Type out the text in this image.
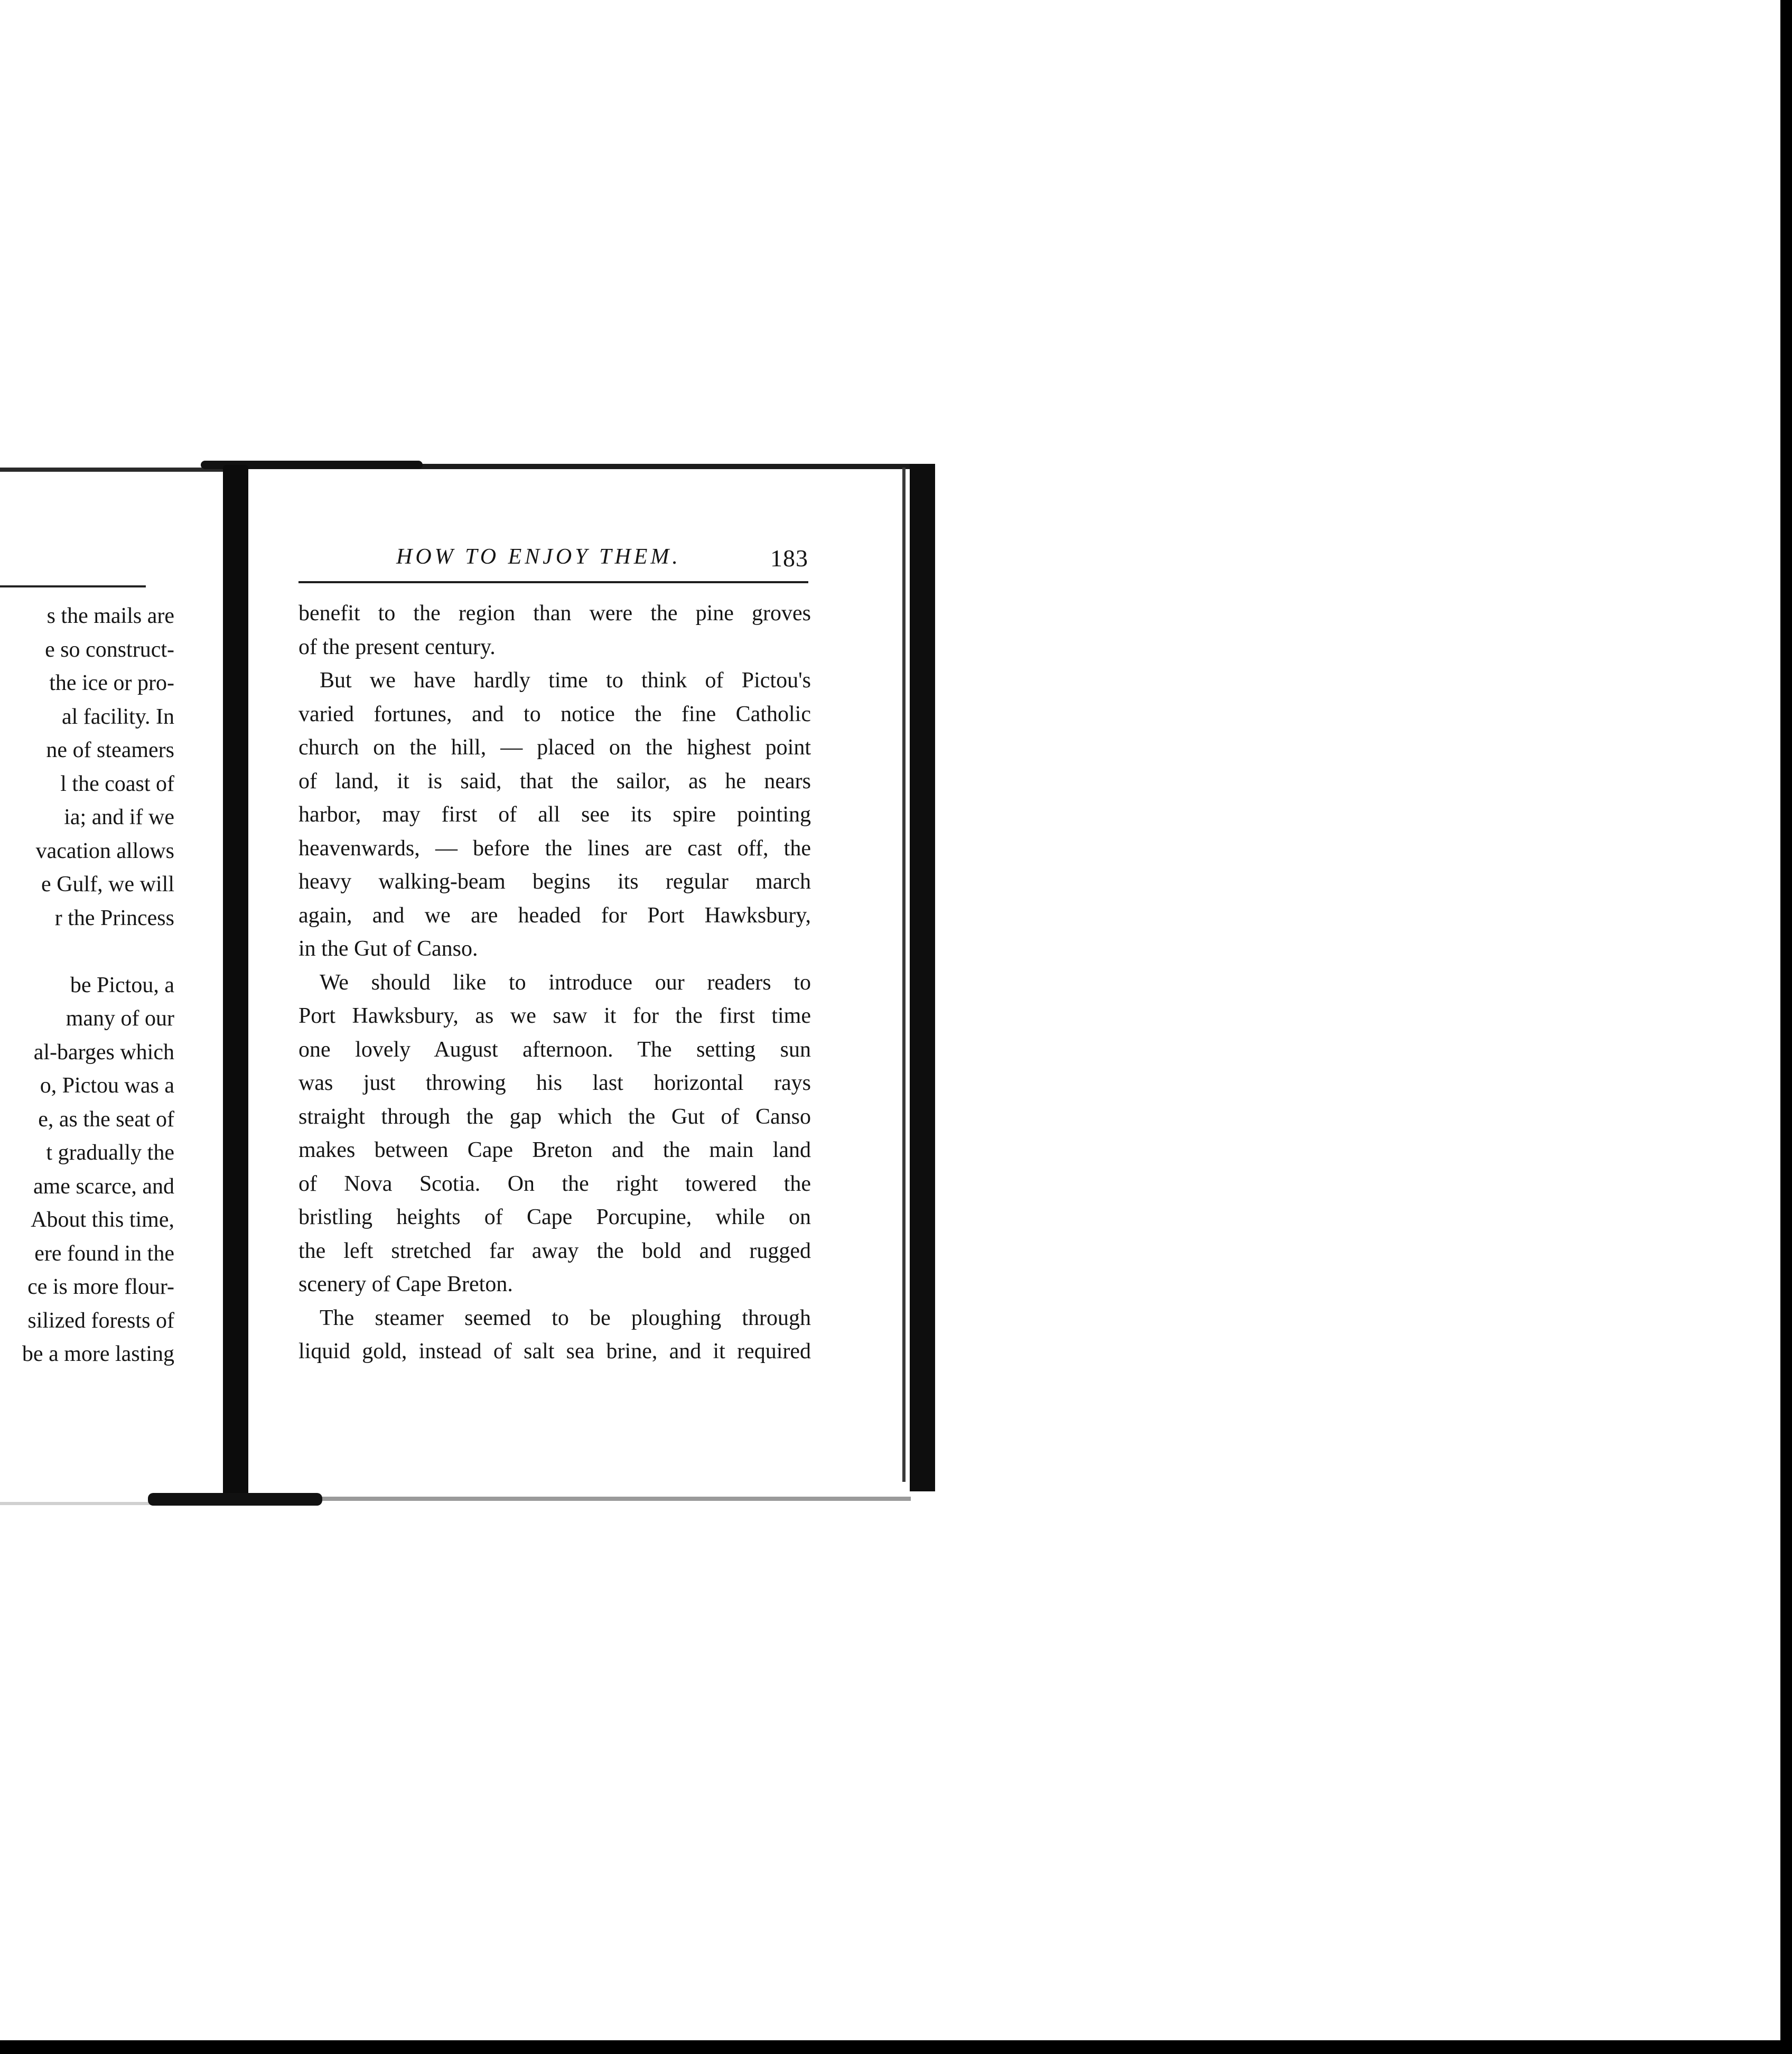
s the mails are
e so construct-
the ice or pro-
al facility. In
ne of steamers
l the coast of
ia; and if we
vacation allows
e Gulf, we will
r the Princess
be Pictou, a
many of our
al-barges which
o, Pictou was a
e, as the seat of
t gradually the
ame scarce, and
About this time,
ere found in the
ce is more flour-
silized forests of
be a more lasting
HOW TO ENJOY THEM.	183
benefit to the region than were the pine groves
of the present century.
But we have hardly time to think of Pictou's
varied fortunes, and to notice the fine Catholic
church on the hill, — placed on the highest point
of land, it is said, that the sailor, as he nears
harbor, may first of all see its spire pointing
heavenwards, — before the lines are cast off, the
heavy walking-beam begins its regular march
again, and we are headed for Port Hawksbury,
in the Gut of Canso.
We should like to introduce our readers to
Port Hawksbury, as we saw it for the first time
one lovely August afternoon. The setting sun
was just throwing his last horizontal rays
straight through the gap which the Gut of Canso
makes between Cape Breton and the main land
of Nova Scotia. On the right towered the
bristling heights of Cape Porcupine, while on
the left stretched far away the bold and rugged
scenery of Cape Breton.
The steamer seemed to be ploughing through
liquid gold, instead of salt sea brine, and it required
